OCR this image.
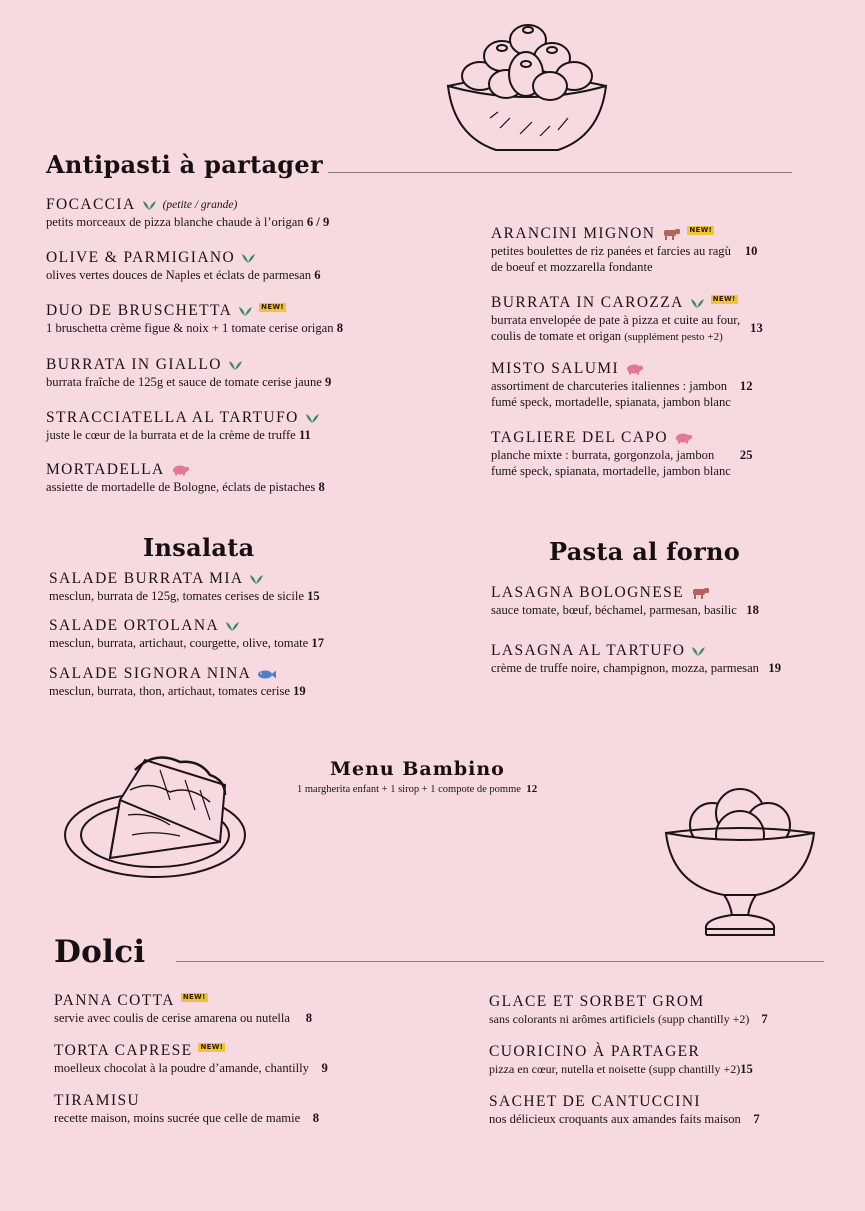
Antipasti à partager
FOCACCIA (petite / grande)
petits morceaux de pizza blanche chaude à l’origan 6 / 9
OLIVE & PARMIGIANO
olives vertes douces de Naples et éclats de parmesan 6
DUO DE BRUSCHETTA	NEW!
1 bruschetta crème figue & noix + 1 tomate cerise origan 8
BURRATA IN GIALLO
burrata fraîche de 125g et sauce de tomate cerise jaune 9
STRACCIATELLA AL TARTUFO
juste le cœur de la burrata et de la crème de truffe 11
MORTADELLA
assiette de mortadelle de Bologne, éclats de pistaches 8
ARANCINI MIGNON	NEW!
petites boulettes de riz panées et farcies au ragù
de boeuf et mozzarella fondante
10
BURRATA IN CAROZZA	NEW!
burrata envelopée de pate à pizza et cuite au four,
coulis de tomate et origan (supplément pesto +2)
13
MISTO SALUMI
assortiment de charcuteries italiennes : jambon
fumé speck, mortadelle, spianata, jambon blanc
12
TAGLIERE DEL CAPO
planche mixte : burrata, gorgonzola, jambon
fumé speck, spianata, mortadelle, jambon blanc
25
Insalata
SALADE BURRATA MIA
mesclun, burrata de 125g, tomates cerises de sicile 15
SALADE ORTOLANA
mesclun, burrata, artichaut, courgette, olive, tomate 17
SALADE SIGNORA NINA
mesclun, burrata, thon, artichaut, tomates cerise 19
Pasta al forno
LASAGNA BOLOGNESE
sauce tomate, bœuf, béchamel, parmesan, basilic 18
LASAGNA AL TARTUFO
crème de truffe noire, champignon, mozza, parmesan 19
Menu Bambino
1 margherita enfant + 1 sirop + 1 compote de pomme 12
Dolci
PANNA COTTA NEW!
servie avec coulis de cerise amarena ou nutella 8
TORTA CAPRESE NEW!
moelleux chocolat à la poudre d’amande, chantilly 9
TIRAMISU
recette maison, moins sucrée que celle de mamie 8
GLACE ET SORBET GROM
sans colorants ni arômes artificiels (supp chantilly +2) 7
CUORICINO À PARTAGER
pizza en cœur, nutella et noisette (supp chantilly +2)15
SACHET DE CANTUCCINI
nos délicieux croquants aux amandes faits maison 7
